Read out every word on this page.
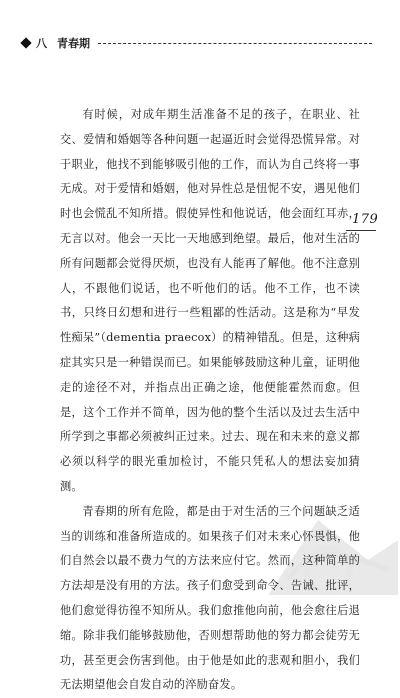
八 青春期

有时候，对成年期生活准备不足的孩子，在职业、社交、爱情和婚姻等各种问题一起逼近时会觉得恐慌异常。对于职业，他找不到能够吸引他的工作，而认为自己终将一事无成。对于爱情和婚姻，他对异性总是忸怩不安，遇见他们时也会慌乱不知所措。假使异性和他说话，他会面红耳赤，无言以对。他会一天比一天地感到绝望。最后，他对生活的所有问题都会觉得厌烦，也没有人能再了解他。他不注意别人，不跟他们说话，也不听他们的话。他不工作，也不读书，只终日幻想和进行一些粗鄙的性活动。这是称为“早发性痴呆”（dementia praecox）的精神错乱。但是，这种病症其实只是一种错误而已。如果能够鼓励这种儿童，证明他走的途径不对，并指点出正确之途，他便能霍然而愈。但是，这个工作并不简单，因为他的整个生活以及过去生活中所学到之事都必须被纠正过来。过去、现在和未来的意义都必须以科学的眼光重加检讨，不能只凭私人的想法妄加猜测。

青春期的所有危险，都是由于对生活的三个问题缺乏适当的训练和准备所造成的。如果孩子们对未来心怀畏惧，他们自然会以最不费力气的方法来应付它。然而，这种简单的方法却是没有用的方法。孩子们愈受到命令、告诫、批评，他们愈觉得彷徨不知所从。我们愈推他向前，他会愈往后退缩。除非我们能够鼓励他，否则想帮助他的努力都会徒劳无功，甚至更会伤害到他。由于他是如此的悲观和胆小，我们无法期望他会自发自动的淬励奋发。

179
